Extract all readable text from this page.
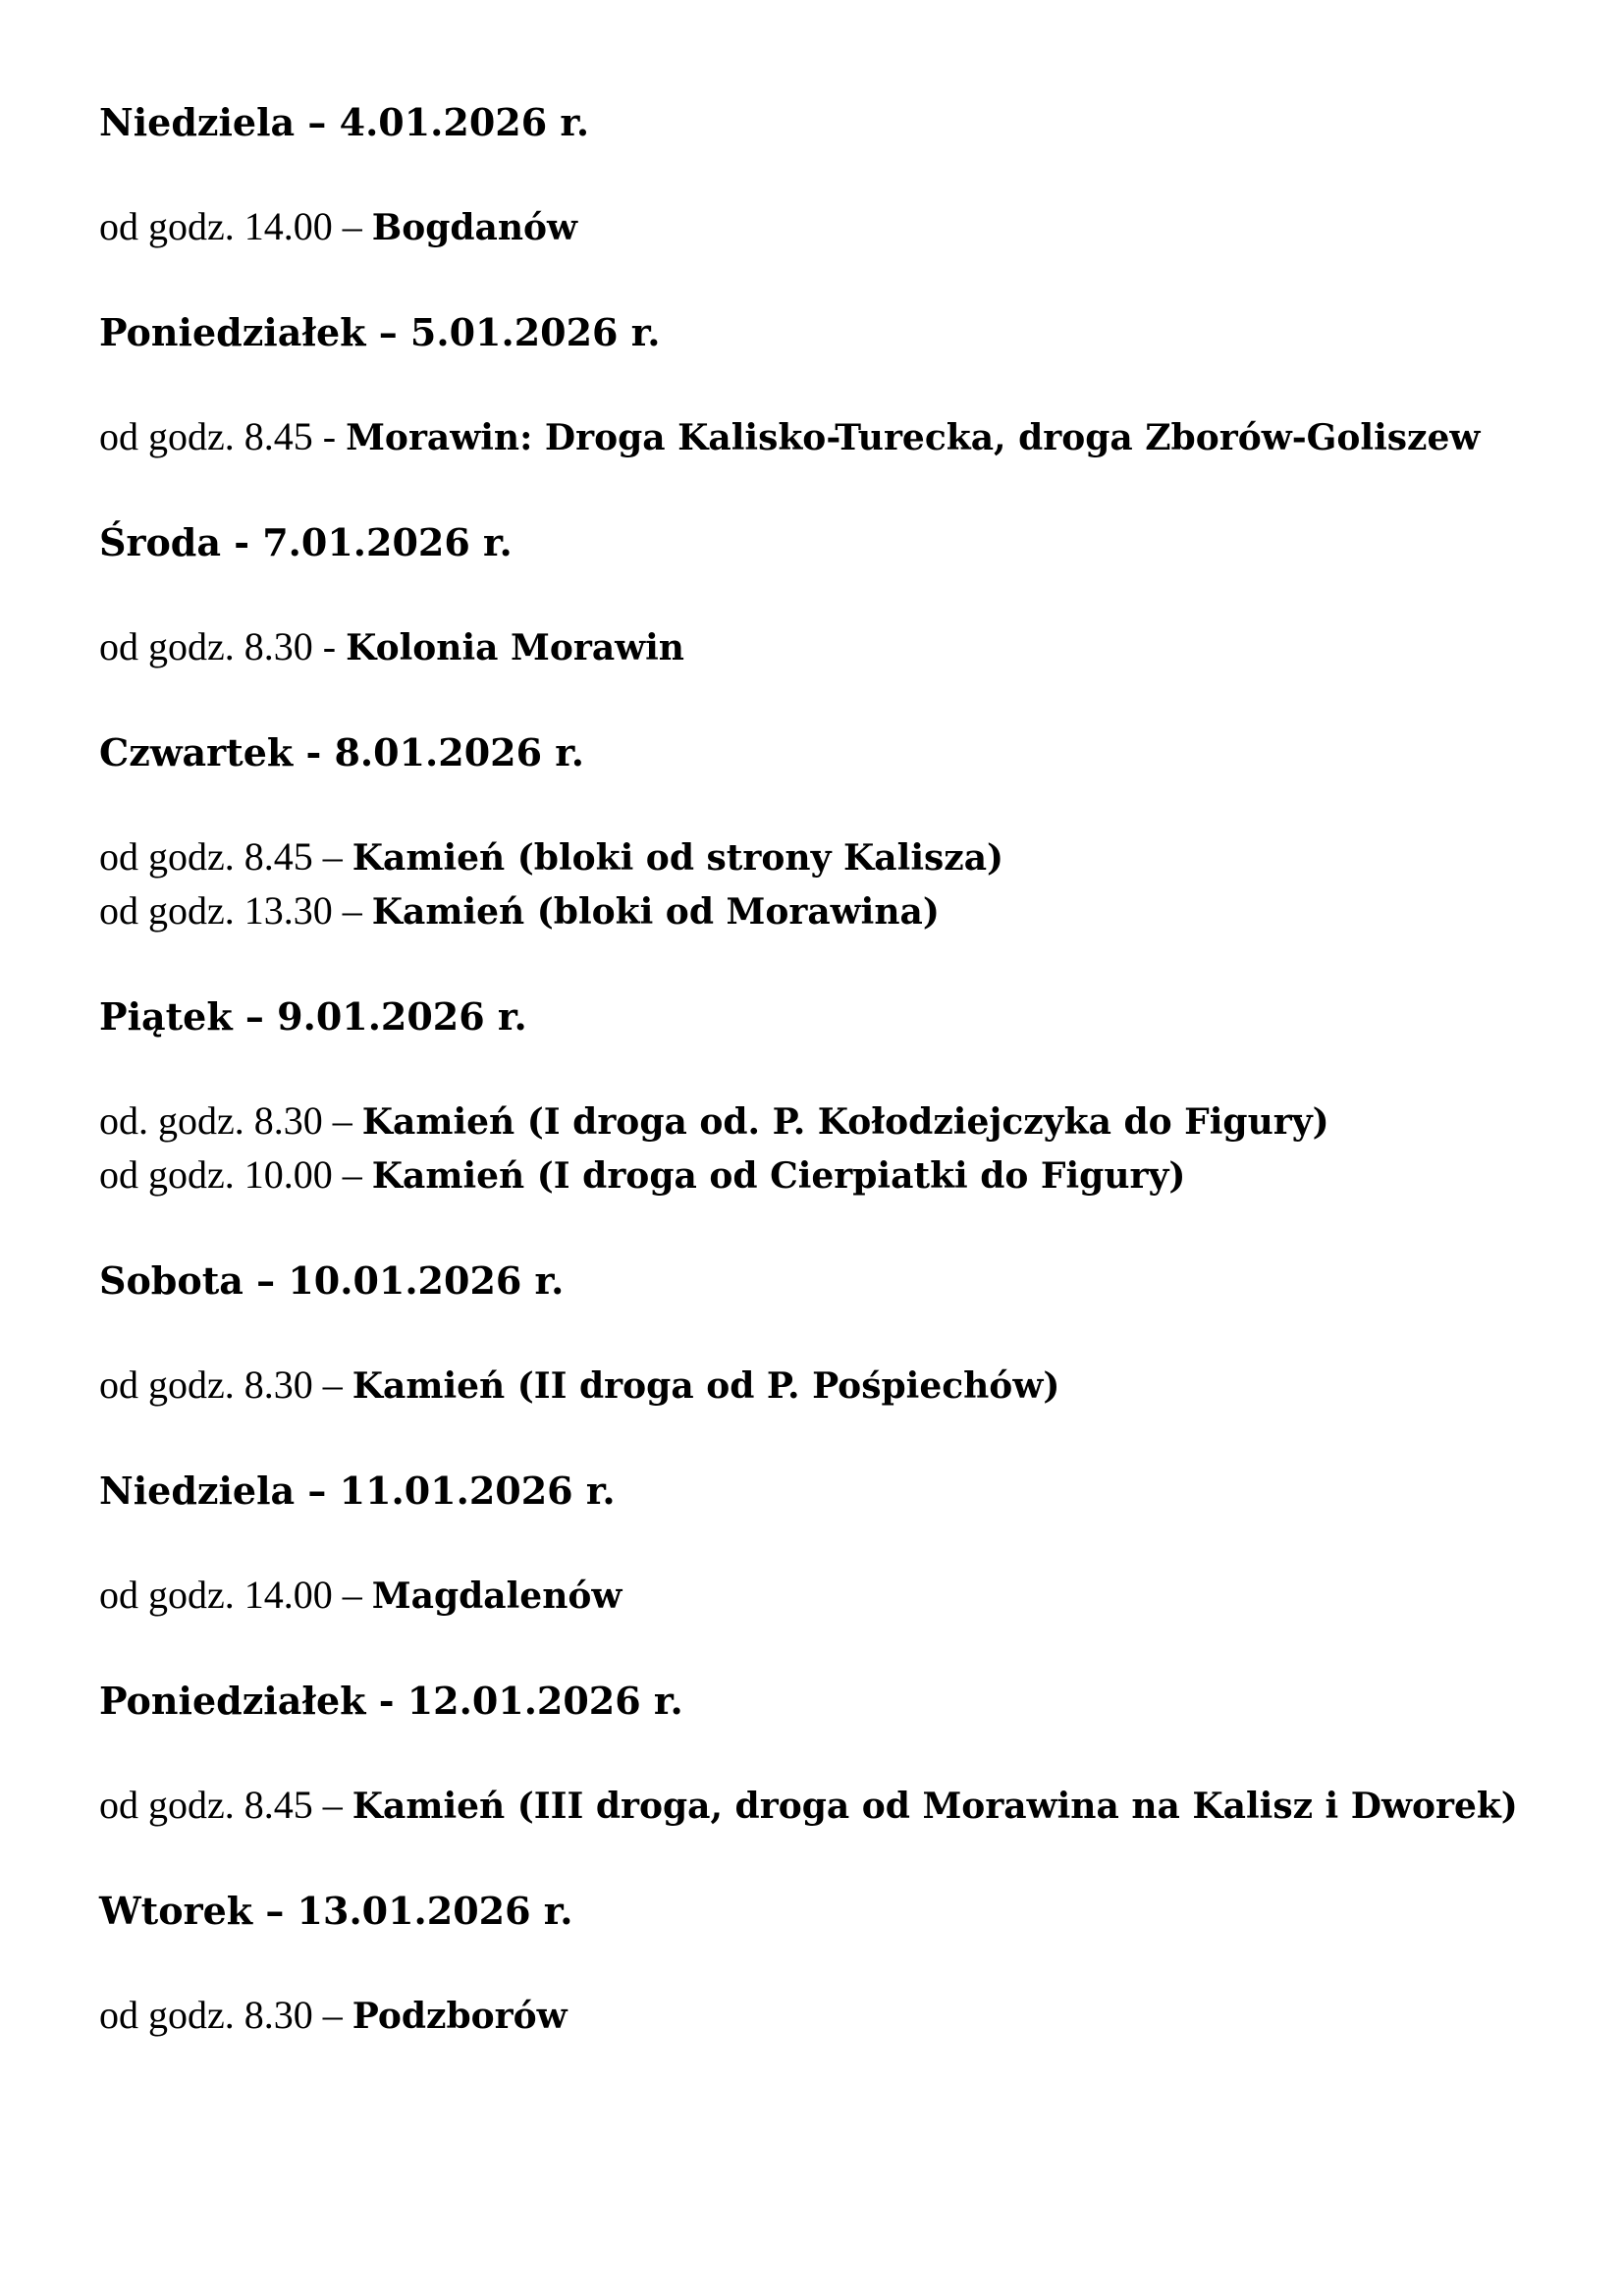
Niedziela – 4.01.2026 r.

od godz. 14.00 – Bogdanów

Poniedziałek – 5.01.2026 r.

od godz. 8.45 - Morawin: Droga Kalisko-Turecka, droga Zborów-Goliszew

Środa - 7.01.2026 r.

od godz. 8.30 - Kolonia Morawin

Czwartek - 8.01.2026 r.

od godz. 8.45 – Kamień (bloki od strony Kalisza)

od godz. 13.30 – Kamień (bloki od Morawina)

Piątek – 9.01.2026 r.

od. godz. 8.30 – Kamień (I droga od. P. Kołodziejczyka do Figury)

od godz. 10.00 – Kamień (I droga od Cierpiatki do Figury)

Sobota – 10.01.2026 r.

od godz. 8.30 – Kamień (II droga od P. Pośpiechów)

Niedziela – 11.01.2026 r.

od godz. 14.00 – Magdalenów

Poniedziałek - 12.01.2026 r.

od godz. 8.45 – Kamień (III droga, droga od Morawina na Kalisz i Dworek)

Wtorek – 13.01.2026 r.

od godz. 8.30 – Podzborów
